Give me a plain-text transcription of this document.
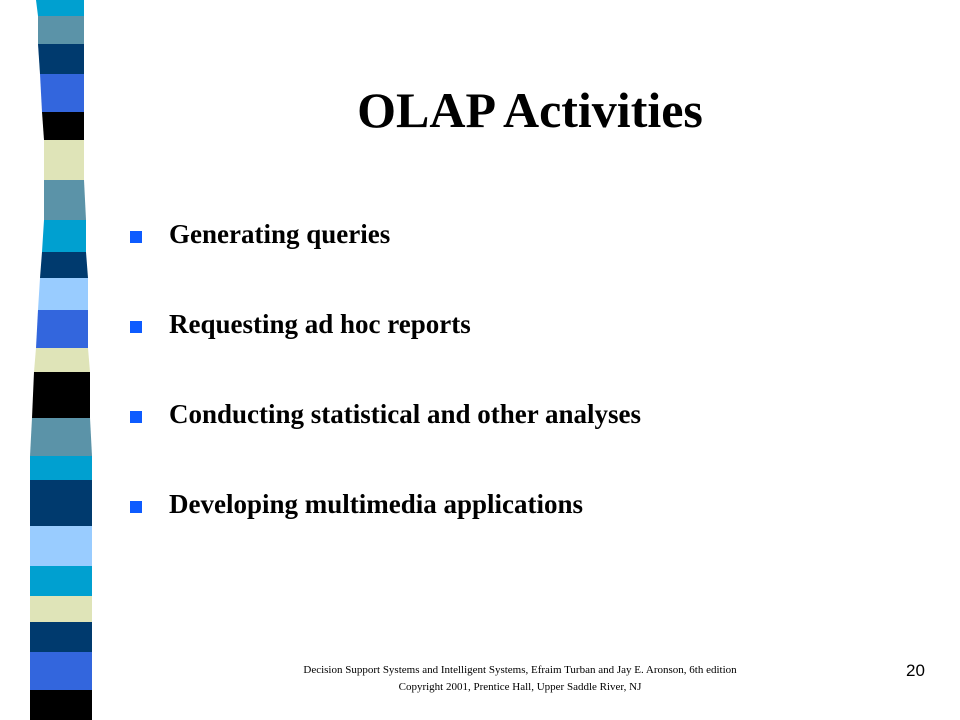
OLAP Activities
Generating queries
Requesting ad hoc reports
Conducting statistical and other analyses
Developing multimedia applications
Decision Support Systems and Intelligent Systems, Efraim Turban and Jay E. Aronson, 6th edition
Copyright 2001, Prentice Hall, Upper Saddle River, NJ
20
